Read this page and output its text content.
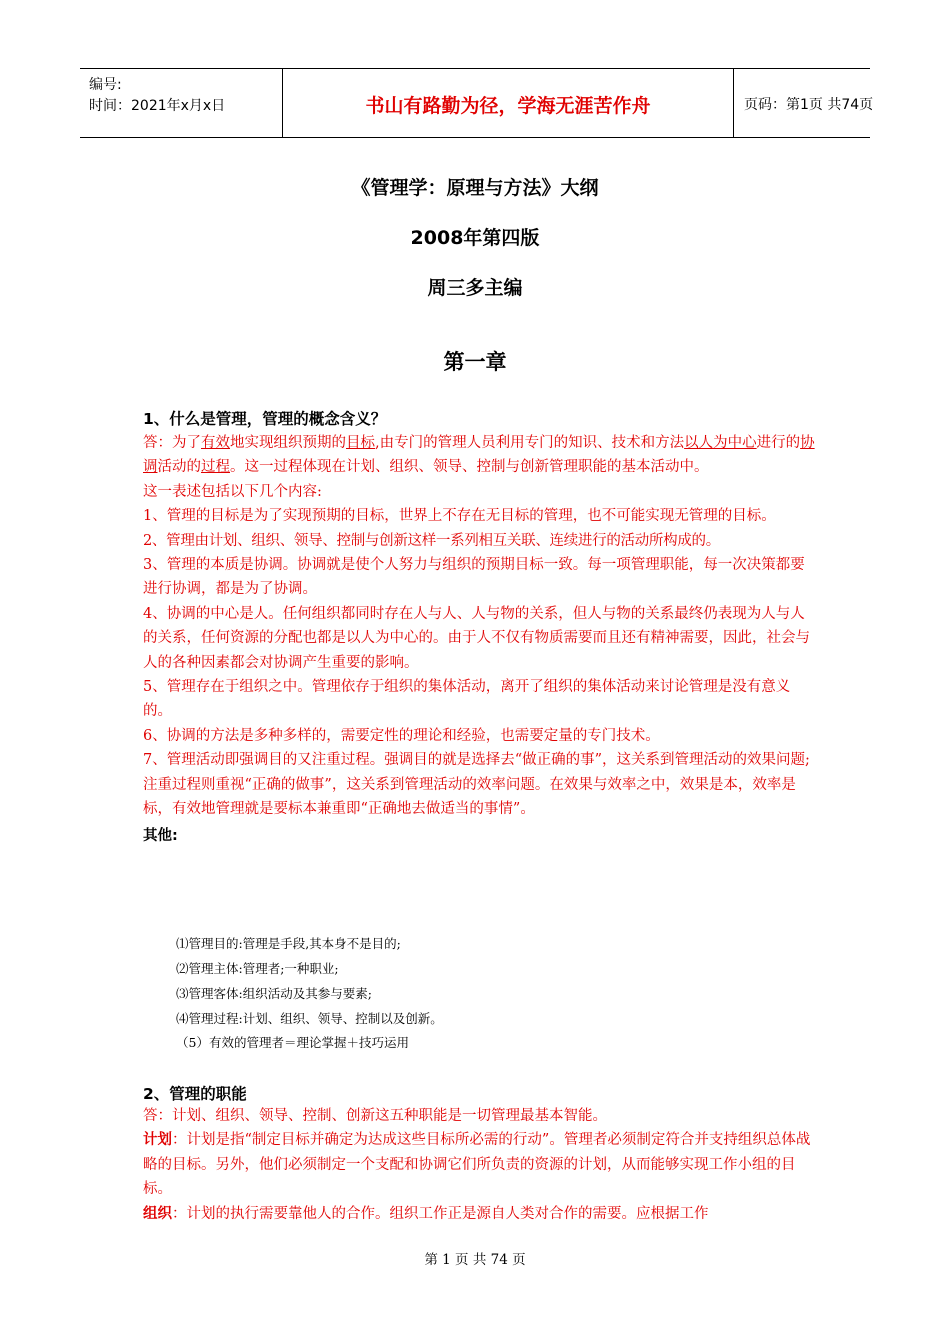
编号:
时间：2021年x月x日	书山有路勤为径，学海无涯苦作舟	页码：第1页 共74页
《管理学：原理与方法》大纲
2008年第四版
周三多主编
第一章
1、什么是管理，管理的概念含义？
答：为了有效地实现组织预期的目标,由专门的管理人员利用专门的知识、技术和方法以人为中心进行的协调活动的过程。这一过程体现在计划、组织、领导、控制与创新管理职能的基本活动中。
这一表述包括以下几个内容:
1、管理的目标是为了实现预期的目标，世界上不存在无目标的管理，也不可能实现无管理的目标。
2、管理由计划、组织、领导、控制与创新这样一系列相互关联、连续进行的活动所构成的。
3、管理的本质是协调。协调就是使个人努力与组织的预期目标一致。每一项管理职能，每一次决策都要进行协调，都是为了协调。
4、协调的中心是人。任何组织都同时存在人与人、人与物的关系，但人与物的关系最终仍表现为人与人的关系，任何资源的分配也都是以人为中心的。由于人不仅有物质需要而且还有精神需要，因此，社会与人的各种因素都会对协调产生重要的影响。
5、管理存在于组织之中。管理依存于组织的集体活动，离开了组织的集体活动来讨论管理是没有意义的。
6、协调的方法是多种多样的，需要定性的理论和经验，也需要定量的专门技术。
7、管理活动即强调目的又注重过程。强调目的就是选择去“做正确的事”，这关系到管理活动的效果问题;注重过程则重视“正确的做事”，这关系到管理活动的效率问题。在效果与效率之中，效果是本，效率是标，有效地管理就是要标本兼重即“正确地去做适当的事情”。
其他:
⑴管理目的:管理是手段,其本身不是目的;
⑵管理主体:管理者;一种职业;
⑶管理客体:组织活动及其参与要素;
⑷管理过程:计划、组织、领导、控制以及创新。
（5）有效的管理者＝理论掌握＋技巧运用
2、管理的职能
答：计划、组织、领导、控制、创新这五种职能是一切管理最基本智能。
计划：计划是指“制定目标并确定为达成这些目标所必需的行动”。管理者必须制定符合并支持组织总体战略的目标。另外，他们必须制定一个支配和协调它们所负责的资源的计划，从而能够实现工作小组的目标。
组织：计划的执行需要靠他人的合作。组织工作正是源自人类对合作的需要。应根据工作
第 1 页 共 74 页
